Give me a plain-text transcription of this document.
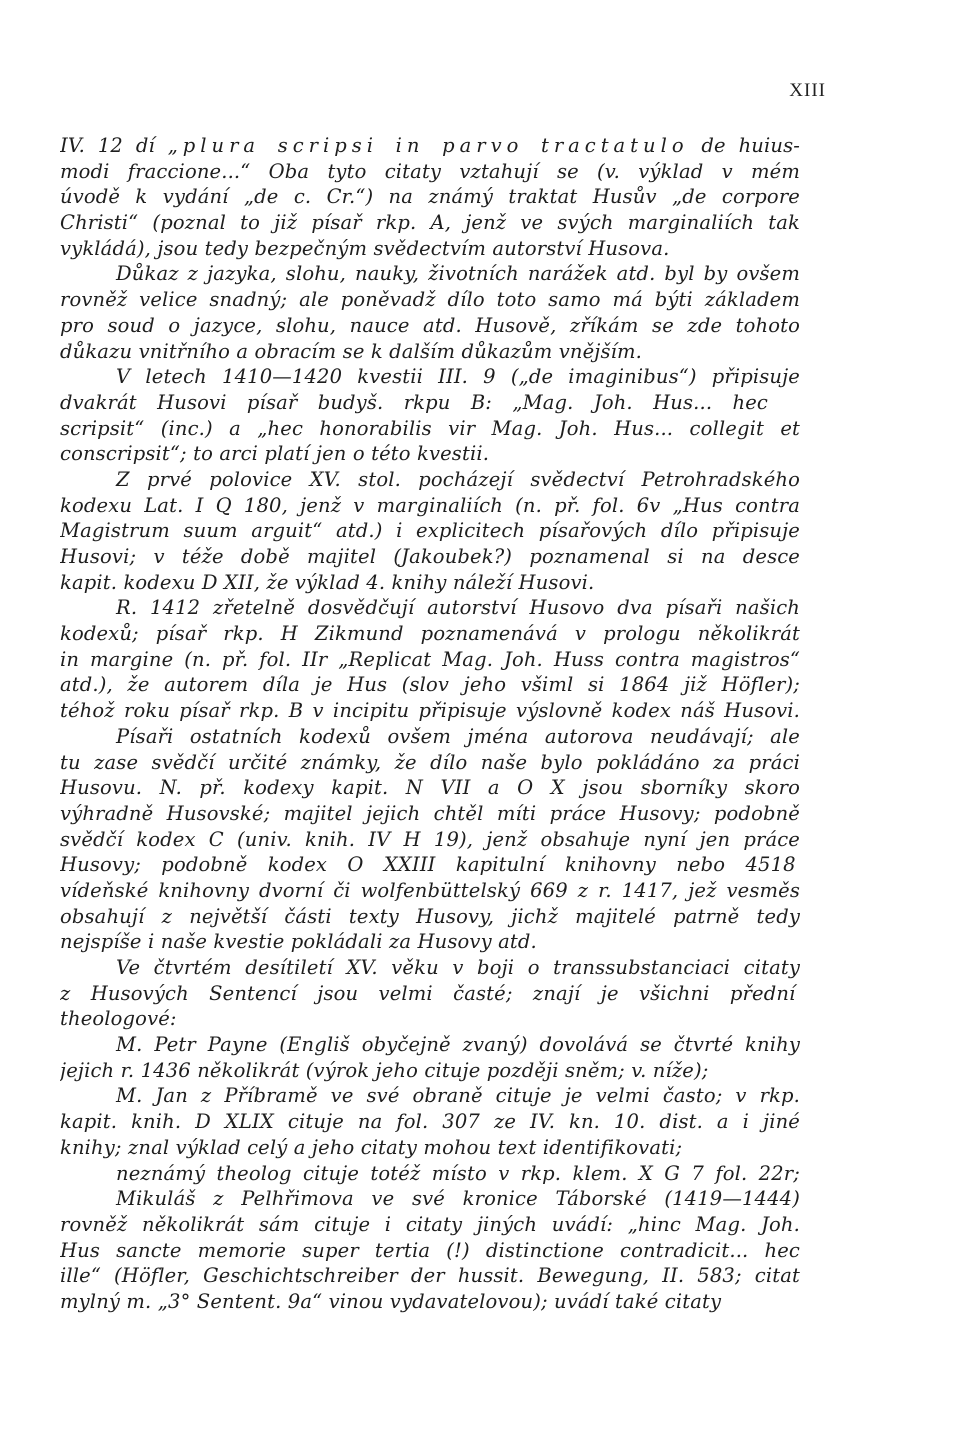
XIII
IV. 12 dí „plura scripsi in parvo tractatulo de huius-
modi fraccione...“ Oba tyto citaty vztahují se (v. výklad v mém
úvodě k vydání „de c. Cr.“) na známý traktat Husův „de corpore
Christi“ (poznal to již písař rkp. A, jenž ve svých marginaliích tak
vykládá), jsou tedy bezpečným svědectvím autorství Husova.
Důkaz z jazyka, slohu, nauky, životních narážek atd. byl by ovšem
rovněž velice snadný; ale poněvadž dílo toto samo má býti základem
pro soud o jazyce, slohu, nauce atd. Husově, zříkám se zde tohoto
důkazu vnitřního a obracím se k dalším důkazům vnějším.
V letech 1410—1420 kvestii III. 9 („de imaginibus“) připisuje
dvakrát Husovi písař budyš. rkpu B: „Mag. Joh. Hus... hec
scripsit“ (inc.) a „hec honorabilis vir Mag. Joh. Hus... collegit et
conscripsit“; to arci platí jen o této kvestii.
Z prvé polovice XV. stol. pocházejí svědectví Petrohradského
kodexu Lat. I Q 180, jenž v marginaliích (n. př. fol. 6v „Hus contra
Magistrum suum arguit“ atd.) i explicitech písařových dílo připisuje
Husovi; v téže době majitel (Jakoubek?) poznamenal si na desce
kapit. kodexu D XII, že výklad 4. knihy náleží Husovi.
R. 1412 zřetelně dosvědčují autorství Husovo dva písaři našich
kodexů; písař rkp. H Zikmund poznamenává v prologu několikrát
in margine (n. př. fol. IIr „Replicat Mag. Joh. Huss contra magistros“
atd.), že autorem díla je Hus (slov jeho všiml si 1864 již Höfler);
téhož roku písař rkp. B v incipitu připisuje výslovně kodex náš Husovi.
Písaři ostatních kodexů ovšem jména autorova neudávají; ale
tu zase svědčí určité známky, že dílo naše bylo pokládáno za práci
Husovu. N. př. kodexy kapit. N VII a O X jsou sborníky skoro
výhradně Husovské; majitel jejich chtěl míti práce Husovy; podobně
svědčí kodex C (univ. knih. IV H 19), jenž obsahuje nyní jen práce
Husovy; podobně kodex O XXIII kapitulní knihovny nebo 4518
vídeňské knihovny dvorní či wolfenbüttelský 669 z r. 1417, jež vesměs
obsahují z největší části texty Husovy, jichž majitelé patrně tedy
nejspíše i naše kvestie pokládali za Husovy atd.
Ve čtvrtém desítiletí XV. věku v boji o transsubstanciaci citaty
z Husových Sentencí jsou velmi časté; znají je všichni přední
theologové:
M. Petr Payne (Engliš obyčejně zvaný) dovolává se čtvrté knihy
jejich r. 1436 několikrát (výrok jeho cituje později sněm; v. níže);
M. Jan z Příbramě ve své obraně cituje je velmi často; v rkp.
kapit. knih. D XLIX cituje na fol. 307 ze IV. kn. 10. dist. a i jiné
knihy; znal výklad celý a jeho citaty mohou text identifikovati;
neznámý theolog cituje totéž místo v rkp. klem. X G 7 fol. 22r;
Mikuláš z Pelhřimova ve své kronice Táborské (1419—1444)
rovněž několikrát sám cituje i citaty jiných uvádí: „hinc Mag. Joh.
Hus sancte memorie super tertia (!) distinctione contradicit... hec
ille“ (Höfler, Geschichtschreiber der hussit. Bewegung, II. 583; citat
mylný m. „3° Sentent. 9a“ vinou vydavatelovou); uvádí také citaty
